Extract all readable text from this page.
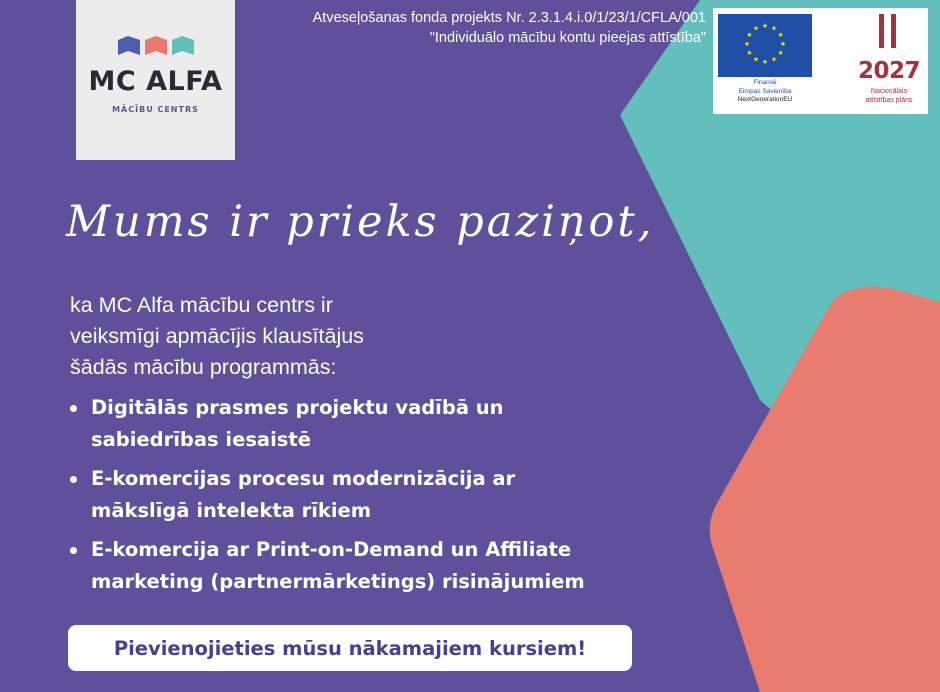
MC ALFA
MĀCĪBU CENTRS
Atveseļošanas fonda projekts Nr. 2.3.1.4.i.0/1/23/1/CFLA/001
"Individuālo mācību kontu pieejas attīstība"
★ ★
★
★
★
★
★
★
★
★
★
★
Finansē
Eiropas Savienība
NextGenerationEU
2027
Nacionālais
attīstības plāns
Mums ir prieks paziņot,
ka MC Alfa mācību centrs ir
veiksmīgi apmācījis klausītājus
šādās mācību programmās:
Digitālās prasmes projektu vadībā un
sabiedrības iesaistē
E-komercijas procesu modernizācija ar
mākslīgā intelekta rīkiem
E-komercija ar Print-on-Demand un Affiliate
marketing (partnermārketings) risinājumiem
Pievienojieties mūsu nākamajiem kursiem!
